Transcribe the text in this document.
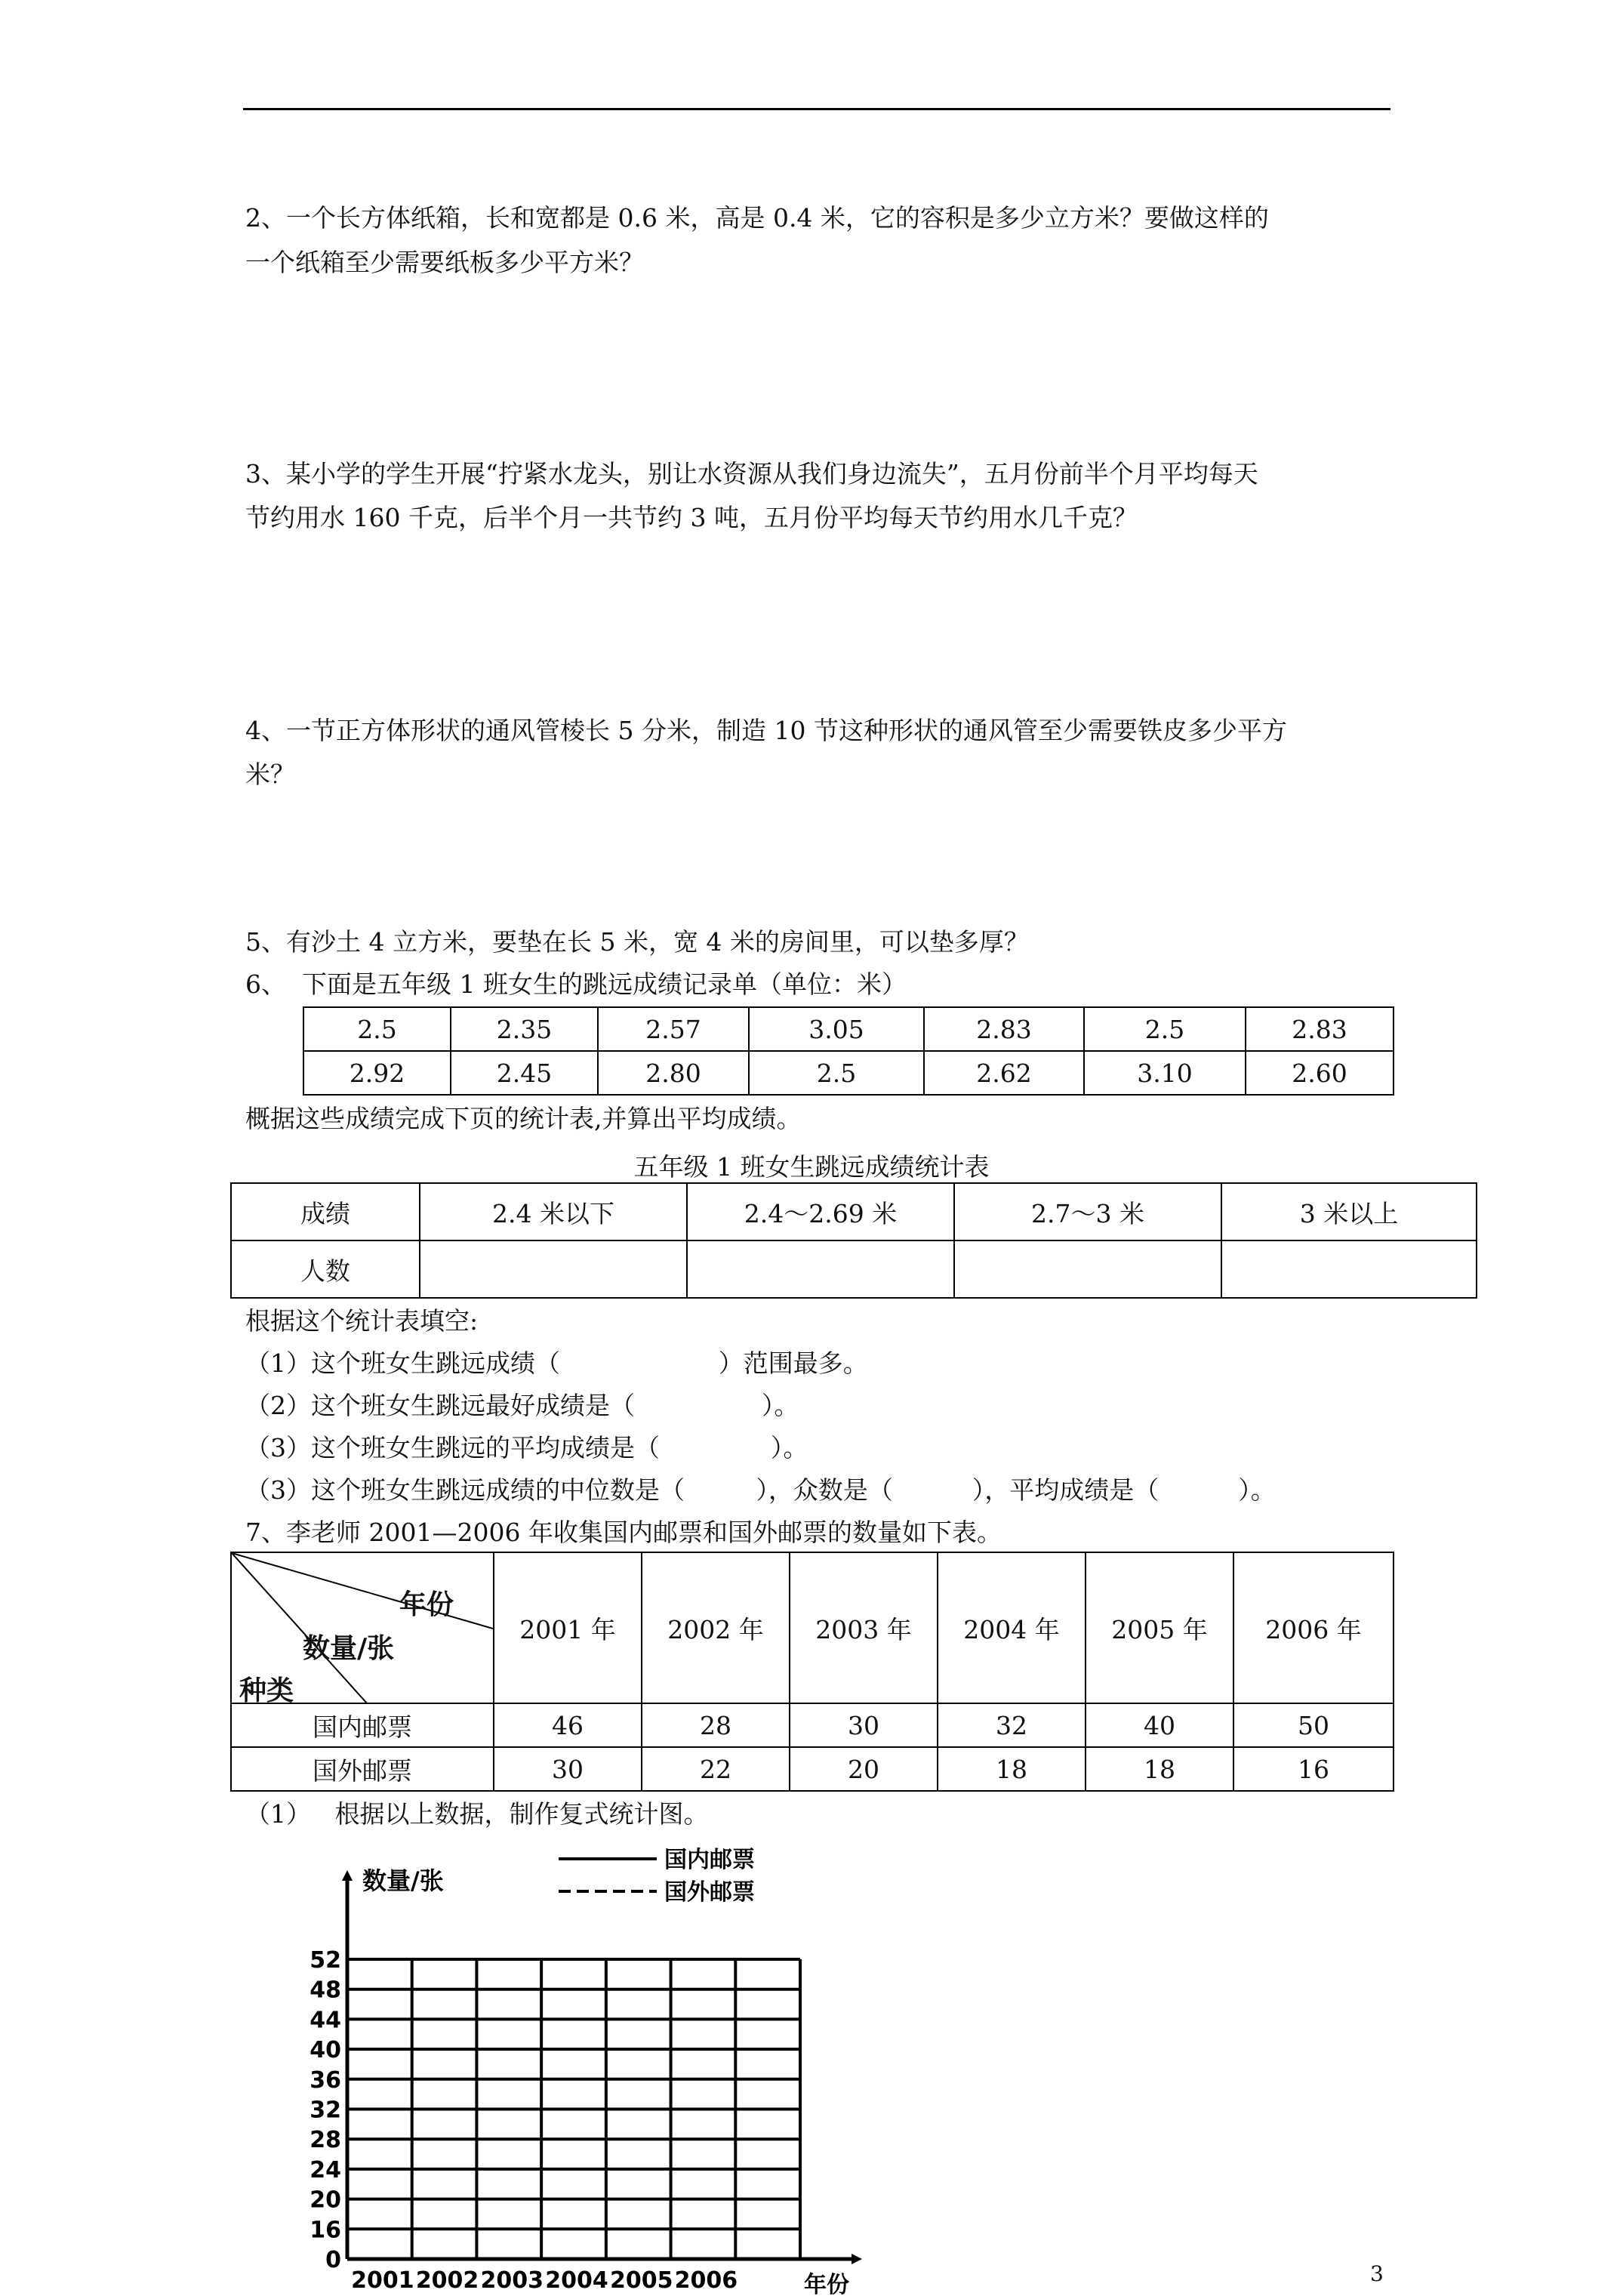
2、一个长方体纸箱，长和宽都是 0.6 米，高是 0.4 米，它的容积是多少立方米？要做这样的
一个纸箱至少需要纸板多少平方米？
3、某小学的学生开展“拧紧水龙头，别让水资源从我们身边流失”，五月份前半个月平均每天
节约用水 160 千克，后半个月一共节约 3 吨，五月份平均每天节约用水几千克？
4、一节正方体形状的通风管棱长 5 分米，制造 10 节这种形状的通风管至少需要铁皮多少平方
米？
5、有沙土 4 立方米，要垫在长 5 米，宽 4 米的房间里，可以垫多厚？
6、  下面是五年级 1 班女生的跳远成绩记录单（单位：米）
2.5	2.35	2.57	3.05	2.83	2.5	2.83
2.92	2.45	2.80	2.5	2.62	3.10	2.60
概据这些成绩完成下页的统计表,并算出平均成绩。
五年级 1 班女生跳远成绩统计表
成绩	2.4 米以下	2.4～2.69 米	2.7～3 米	3 米以上
人数				
根据这个统计表填空:
（1）这个班女生跳远成绩（                    ）范围最多。
（2）这个班女生跳远最好成绩是（                ）。
（3）这个班女生跳远的平均成绩是（              ）。
（3）这个班女生跳远成绩的中位数是（         ），众数是（          ），平均成绩是（          ）。
7、李老师 2001—2006 年收集国内邮票和国外邮票的数量如下表。
年份
数量/张
种类	2001 年	2002 年	2003 年	2004 年	2005 年	2006 年
国内邮票	46	28	30	32	40	50
国外邮票	30	22	20	18	18	16
（1）   根据以上数据，制作复式统计图。
数量/张
年份
国内邮票
国外邮票
0
16
20
24
28
32
36
40
44
48
52
2001 2002 2003 2004 2005 2006	3
